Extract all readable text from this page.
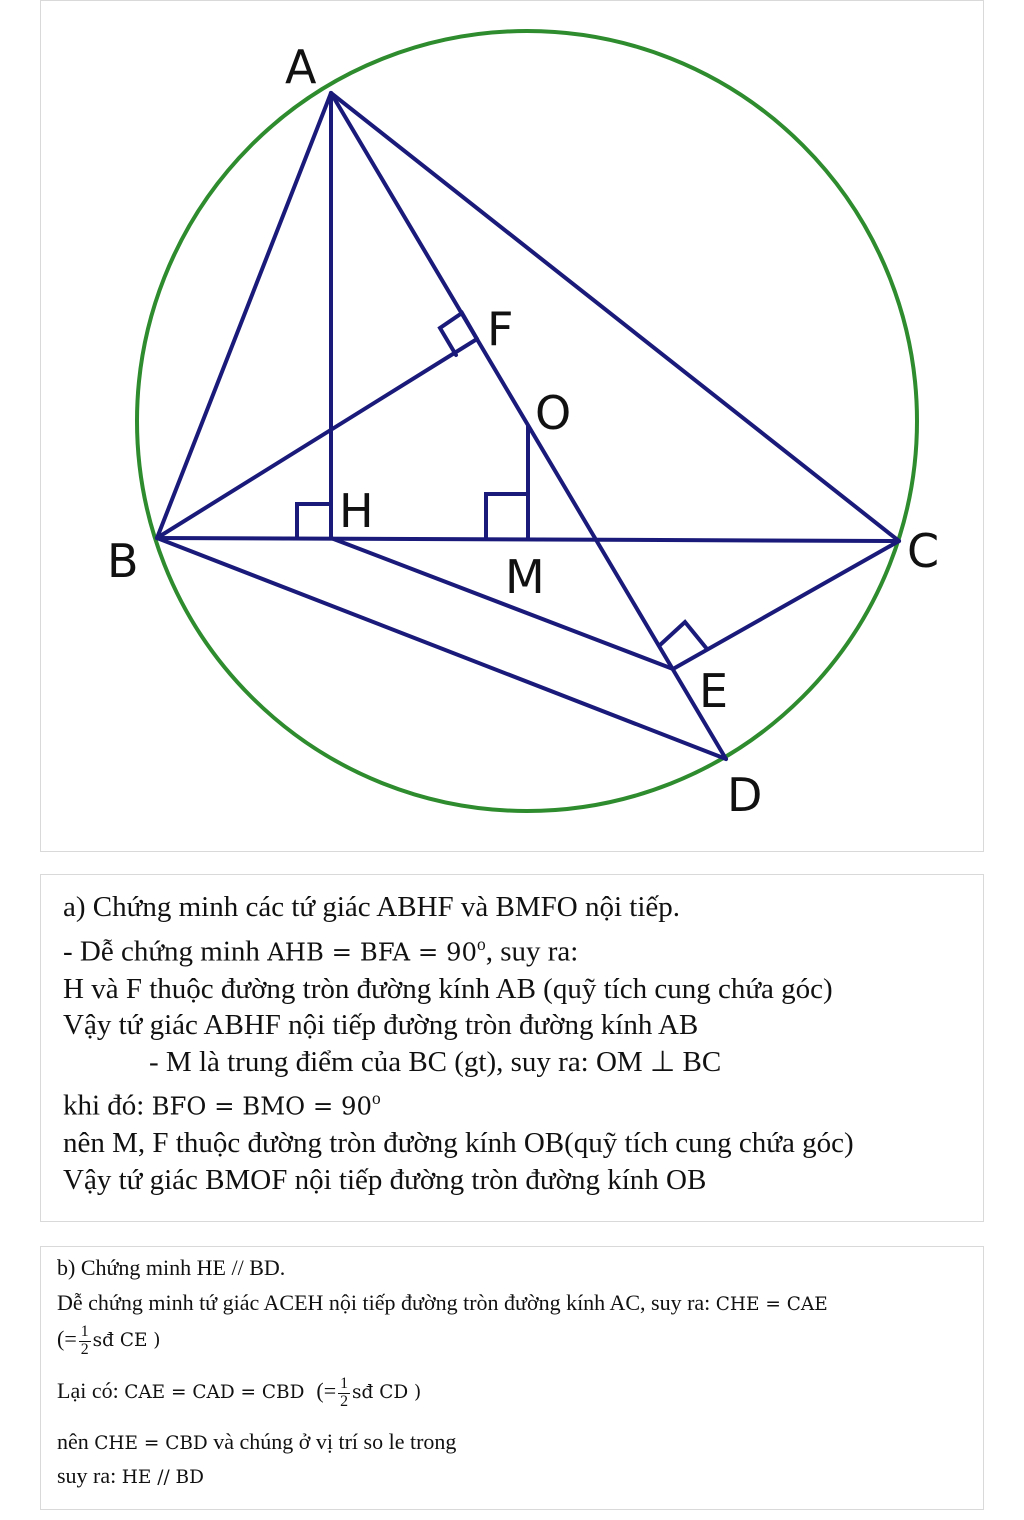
A
F
O
H
B	M	C
E
D
a) Chứng minh các tứ giác ABHF và BMFO nội tiếp.
- Dễ chứng minh AHB = BFA = $90^o$, suy ra:
H và F thuộc đường tròn đường kính AB (quỹ tích cung chứa góc)
Vậy tứ giác ABHF nội tiếp đường tròn đường kính AB
- M là trung điểm của BC (gt), suy ra: OM ⊥ BC
khi đó: BFO = BMO = $90^o$
nên M, F thuộc đường tròn đường kính OB(quỹ tích cung chứa góc)
Vậy tứ giác BMOF nội tiếp đường tròn đường kính OB
b) Chứng minh HE // BD.
Dễ chứng minh tứ giác ACEH nội tiếp đường tròn đường kính AC, suy ra: CHE = CAE
(= $\frac{1}{2}$ sđ CE )
Lại có: CAE = CAD = CBD (= $\frac{1}{2}$ sđ CD )
nên CHE = CBD và chúng ở vị trí so le trong
suy ra: HE // BD
